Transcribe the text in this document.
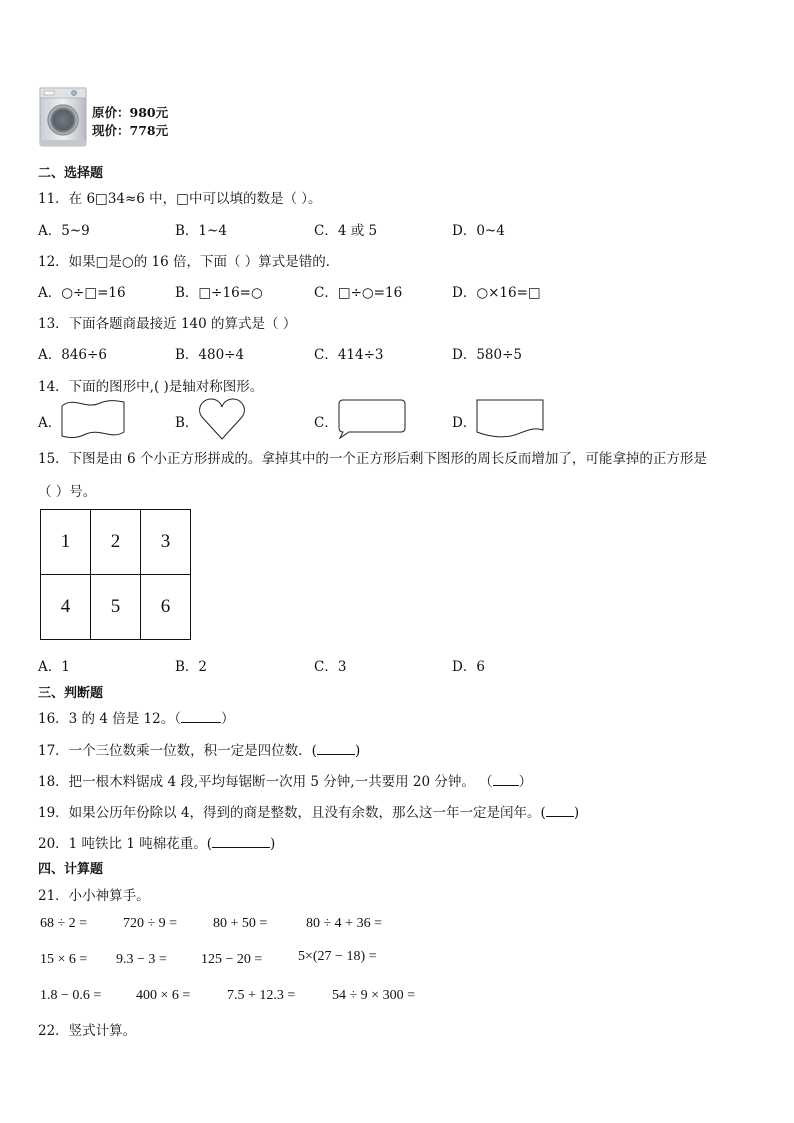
原价：980元
现价：778元
二、选择题
11．在 6□34≈6 中，□中可以填的数是（ ）。
A．5~9	B．1~4	C．4 或 5	D．0~4
12．如果□是○的 16 倍，下面（ ）算式是错的．
A．○÷□=16	B．□÷16=○	C．□÷○=16	D．○×16=□
13．下面各题商最接近 140 的算式是（ ）
A．846÷6	B．480÷4	C．414÷3	D．580÷5
14．下面的图形中,( )是轴对称图形。
A．	B．	C．	D．
15．下图是由 6 个小正方形拼成的。拿掉其中的一个正方形后剩下图形的周长反而增加了，可能拿掉的正方形是
（ ）号。
1	2	3
4	5	6
A．1	B．2	C．3	D．6
三、判断题
16．3 的 4 倍是 12。（	）
17．一个三位数乘一位数，积一定是四位数．(	)
18．把一根木料锯成 4 段,平均每锯断一次用 5 分钟,一共要用 20 分钟。 （ ）
19．如果公历年份除以 4，得到的商是整数，且没有余数，那么这一年一定是闰年。( )
20．1 吨铁比 1 吨棉花重。(	)
四、计算题
21．小小神算手。
68 ÷ 2 =	720 ÷ 9 =	80 + 50 =	80 ÷ 4 + 36 =
15 × 6 = 9.3 − 3 = 125 − 20 =	5×(27 − 18) =
1.8 − 0.6 = 400 × 6 =	7.5 + 12.3 =	54 ÷ 9 × 300 =
22．竖式计算。
